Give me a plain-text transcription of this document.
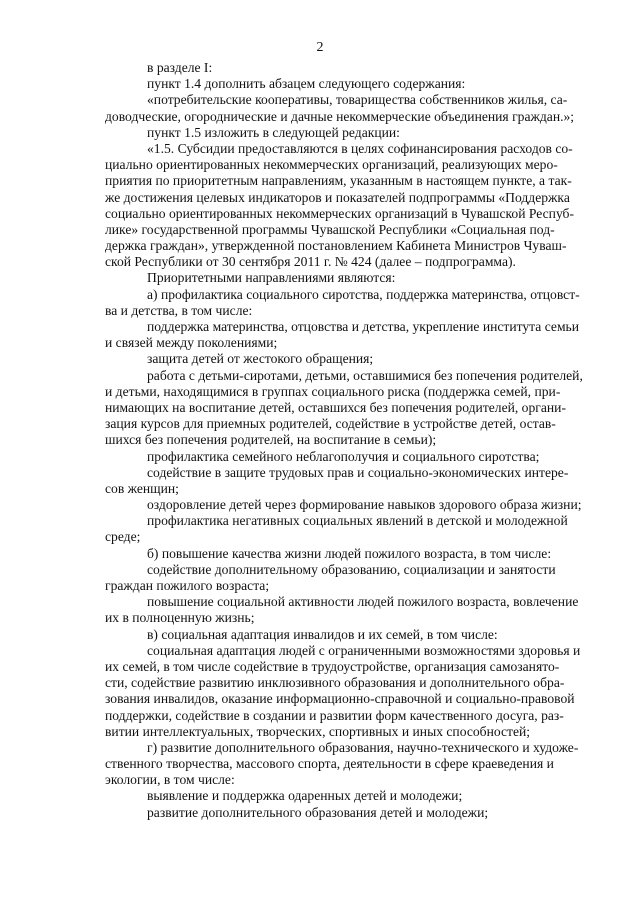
2
в разделе I:
пункт 1.4 дополнить абзацем следующего содержания:
«потребительские кооперативы, товарищества собственников жилья, са-
доводческие, огороднические и дачные некоммерческие объединения граждан.»;
пункт 1.5 изложить в следующей редакции:
«1.5. Субсидии предоставляются в целях софинансирования расходов со-
циально ориентированных некоммерческих организаций, реализующих меро-
приятия по приоритетным направлениям, указанным в настоящем пункте, а так-
же достижения целевых индикаторов и показателей подпрограммы «Поддержка
социально ориентированных некоммерческих организаций в Чувашской Респуб-
лике» государственной программы Чувашской Республики «Социальная под-
держка граждан», утвержденной постановлением Кабинета Министров Чуваш-
ской Республики от 30 сентября 2011 г. № 424 (далее – подпрограмма).
Приоритетными направлениями являются:
а) профилактика социального сиротства, поддержка материнства, отцовст-
ва и детства, в том числе:
поддержка материнства, отцовства и детства, укрепление института семьи
и связей между поколениями;
защита детей от жестокого обращения;
работа с детьми-сиротами, детьми, оставшимися без попечения родителей,
и детьми, находящимися в группах социального риска (поддержка семей, при-
нимающих на воспитание детей, оставшихся без попечения родителей, органи-
зация курсов для приемных родителей, содействие в устройстве детей, остав-
шихся без попечения родителей, на воспитание в семьи);
профилактика семейного неблагополучия и социального сиротства;
содействие в защите трудовых прав и социально-экономических интере-
сов женщин;
оздоровление детей через формирование навыков здорового образа жизни;
профилактика негативных социальных явлений в детской и молодежной
среде;
б) повышение качества жизни людей пожилого возраста, в том числе:
содействие дополнительному образованию, социализации и занятости
граждан пожилого возраста;
повышение социальной активности людей пожилого возраста, вовлечение
их в полноценную жизнь;
в) социальная адаптация инвалидов и их семей, в том числе:
социальная адаптация людей с ограниченными возможностями здоровья и
их семей, в том числе содействие в трудоустройстве, организация самозанято-
сти, содействие развитию инклюзивного образования и дополнительного обра-
зования инвалидов, оказание информационно-справочной и социально-правовой
поддержки, содействие в создании и развитии форм качественного досуга, раз-
витии интеллектуальных, творческих, спортивных и иных способностей;
г) развитие дополнительного образования, научно-технического и художе-
ственного творчества, массового спорта, деятельности в сфере краеведения и
экологии, в том числе:
выявление и поддержка одаренных детей и молодежи;
развитие дополнительного образования детей и молодежи;
